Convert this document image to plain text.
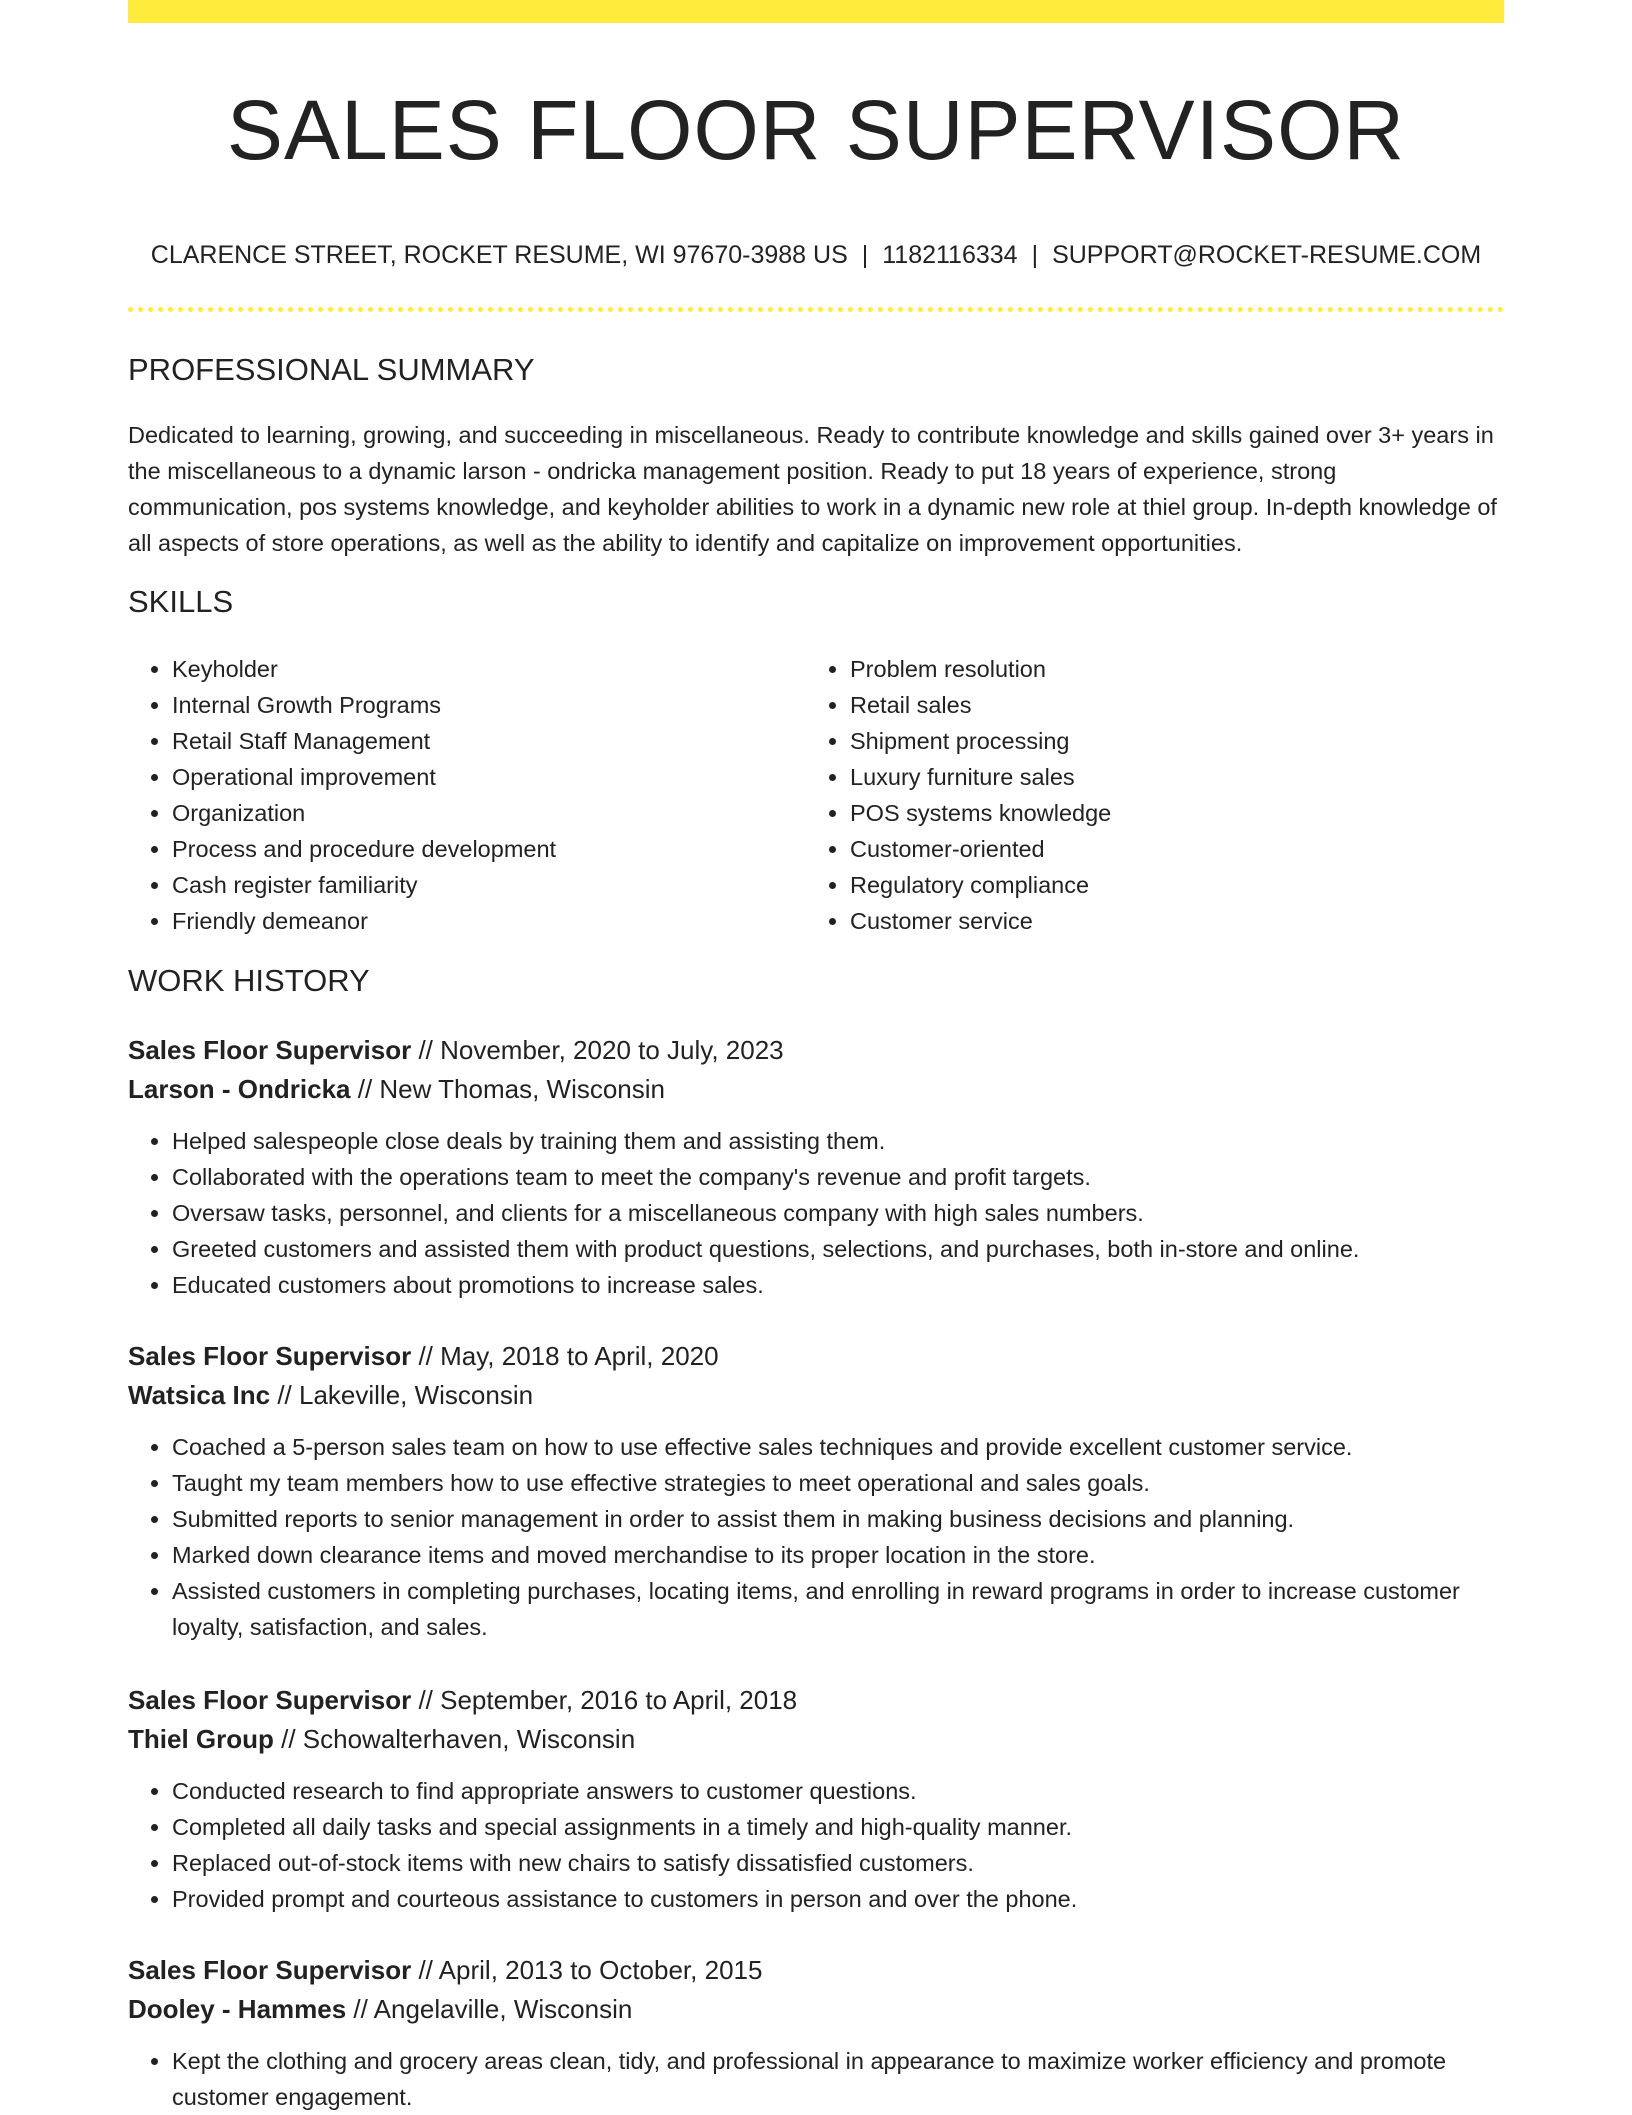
SALES FLOOR SUPERVISOR
CLARENCE STREET, ROCKET RESUME, WI 97670-3988 US | 1182116334 | SUPPORT@ROCKET-RESUME.COM
PROFESSIONAL SUMMARY

Dedicated to learning, growing, and succeeding in miscellaneous. Ready to contribute knowledge and skills gained over 3+ years in the miscellaneous to a dynamic larson - ondricka management position. Ready to put 18 years of experience, strong communication, pos systems knowledge, and keyholder abilities to work in a dynamic new role at thiel group. In-depth knowledge of all aspects of store operations, as well as the ability to identify and capitalize on improvement opportunities.

SKILLS
• Keyholder
• Internal Growth Programs
• Retail Staff Management
• Operational improvement
• Organization
• Process and procedure development
• Cash register familiarity
• Friendly demeanor
• Problem resolution
• Retail sales
• Shipment processing
• Luxury furniture sales
• POS systems knowledge
• Customer-oriented
• Regulatory compliance
• Customer service
WORK HISTORY

Sales Floor Supervisor // November, 2020 to July, 2023

Larson - Ondricka // New Thomas, Wisconsin

• Helped salespeople close deals by training them and assisting them.
• Collaborated with the operations team to meet the company's revenue and profit targets.
• Oversaw tasks, personnel, and clients for a miscellaneous company with high sales numbers.
• Greeted customers and assisted them with product questions, selections, and purchases, both in-store and online.
• Educated customers about promotions to increase sales.

Sales Floor Supervisor // May, 2018 to April, 2020

Watsica Inc // Lakeville, Wisconsin

• Coached a 5-person sales team on how to use effective sales techniques and provide excellent customer service.
• Taught my team members how to use effective strategies to meet operational and sales goals.
• Submitted reports to senior management in order to assist them in making business decisions and planning.
• Marked down clearance items and moved merchandise to its proper location in the store.
• Assisted customers in completing purchases, locating items, and enrolling in reward programs in order to increase customer loyalty, satisfaction, and sales.

Sales Floor Supervisor // September, 2016 to April, 2018

Thiel Group // Schowalterhaven, Wisconsin

• Conducted research to find appropriate answers to customer questions.
• Completed all daily tasks and special assignments in a timely and high-quality manner.
• Replaced out-of-stock items with new chairs to satisfy dissatisfied customers.
• Provided prompt and courteous assistance to customers in person and over the phone.

Sales Floor Supervisor // April, 2013 to October, 2015

Dooley - Hammes // Angelaville, Wisconsin

• Kept the clothing and grocery areas clean, tidy, and professional in appearance to maximize worker efficiency and promote customer engagement.
